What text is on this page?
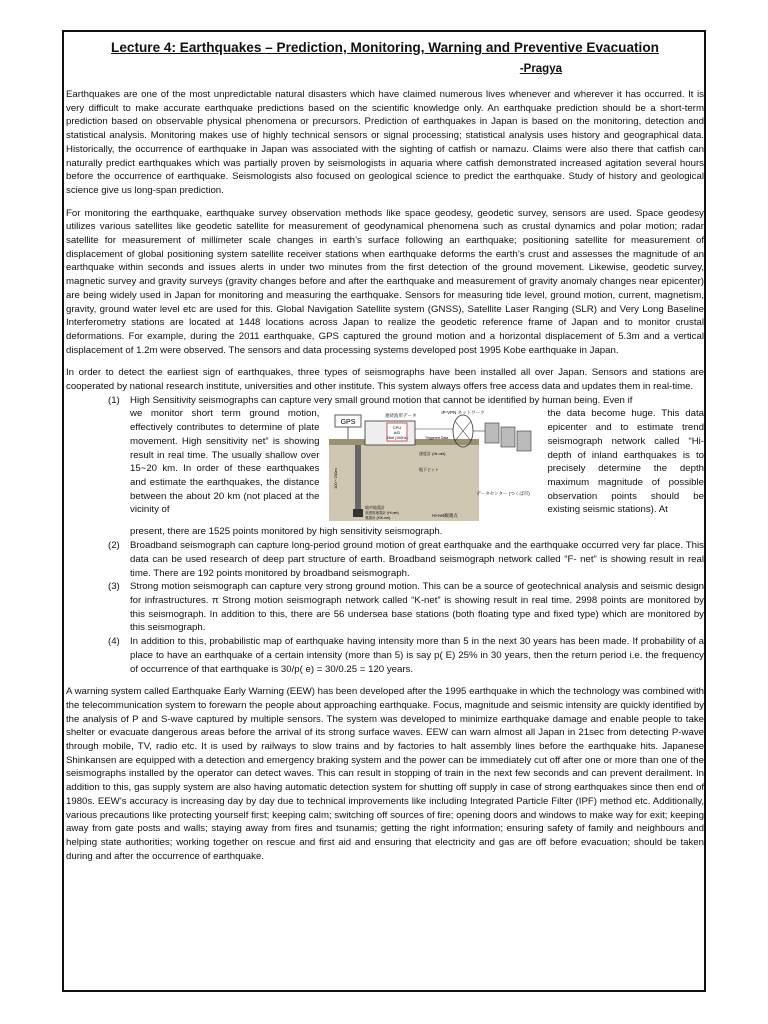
Lecture 4: Earthquakes – Prediction, Monitoring, Warning and Preventive Evacuation
-Pragya

Earthquakes are one of the most unpredictable natural disasters which have claimed numerous lives whenever and wherever it has occurred. It is very difficult to make accurate earthquake predictions based on the scientific knowledge only. An earthquake prediction should be a short-term prediction based on observable physical phenomena or precursors. Prediction of earthquakes in Japan is based on the monitoring, detection and statistical analysis. Monitoring makes use of highly technical sensors or signal processing; statistical analysis uses history and geographical data. Historically, the occurrence of earthquake in Japan was associated with the sighting of catfish or namazu. Claims were also there that catfish can naturally predict earthquakes which was partially proven by seismologists in aquaria where catfish demonstrated increased agitation several hours before the occurrence of earthquake. Seismologists also focused on geological science to predict the earthquake. Study of history and geological science give us long-span prediction.

For monitoring the earthquake, earthquake survey observation methods like space geodesy, geodetic survey, sensors are used. Space geodesy utilizes various satellites like geodetic satellite for measurement of geodynamical phenomena such as crustal dynamics and polar motion; radar satellite for measurement of millimeter scale changes in earth’s surface following an earthquake; positioning satellite for measurement of displacement of global positioning system satellite receiver stations when earthquake deforms the earth’s crust and assesses the magnitude of an earthquake within seconds and issues alerts in under two minutes from the first detection of the ground movement. Likewise, geodetic survey, magnetic survey and gravity surveys (gravity changes before and after the earthquake and measurement of gravity anomaly changes near epicenter) are being widely used in Japan for monitoring and measuring the earthquake. Sensors for measuring tide level, ground motion, current, magnetism, gravity, ground water level etc are used for this. Global Navigation Satellite system (GNSS), Satellite Laser Ranging (SLR) and Very Long Baseline Interferometry stations are located at 1448 locations across Japan to realize the geodetic reference frame of Japan and to monitor crustal deformations. For example, during the 2011 earthquake, GPS captured the ground motion and a horizontal displacement of 5.3m and a vertical displacement of 1.2m were observed. The sensors and data processing systems developed post 1995 Kobe earthquake in Japan.

In order to detect the earliest sign of earthquakes, three types of seismographs have been installed all over Japan. Sensors and stations are cooperated by national research institute, universities and other institute. This system always offers free access data and updates them in real-time.

(1) High Sensitivity seismographs can capture very small ground motion that cannot be identified by human being. Even if
we monitor short term ground motion, effectively contributes to determine of plate movement. High sensitivity net” is showing result in real time. The usually shallow over 15~20 km. In order of these earthquakes and estimate the earthquakes, the distance between the about 20 km (not placed at the vicinity of
GPS
CPU
A/D
24bit (100Hz)
連続波形データ
100〜200m
地中地震計
高感度地震計 (Hi-net)
強震計 (KiK-net)
速度計 (Hi-net)
地下ピット
IP-VPN ネットワーク
Triggered Data
データセンター (つくば市)
Hi-net観測点
the data become huge. This data epicenter and to estimate trend seismograph network called “Hi-depth of inland earthquakes is to precisely determine the depth maximum magnitude of possible observation points should be existing seismic stations). At
present, there are 1525 points monitored by high sensitivity seismograph.
(2) Broadband seismograph can capture long-period ground motion of great earthquake and the earthquake occurred very far place. This data can be used research of deep part structure of earth. Broadband seismograph network called “F- net” is showing result in real time. There are 192 points monitored by broadband seismograph.
(3) Strong motion seismograph can capture very strong ground motion. This can be a source of geotechnical analysis and seismic design for infrastructures. π Strong motion seismograph network called “K-net” is showing result in real time. 2998 points are monitored by this seismograph. In addition to this, there are 56 undersea base stations (both floating type and fixed type) which are monitored by this seismograph.
(4) In addition to this, probabilistic map of earthquake having intensity more than 5 in the next 30 years has been made. If probability of a place to have an earthquake of a certain intensity (more than 5) is say p( E) 25% in 30 years, then the return period i.e. the frequency of occurrence of that earthquake is 30/p( e) = 30/0.25 = 120 years.

A warning system called Earthquake Early Warning (EEW) has been developed after the 1995 earthquake in which the technology was combined with the telecommunication system to forewarn the people about approaching earthquake. Focus, magnitude and seismic intensity are quickly identified by the analysis of P and S-wave captured by multiple sensors. The system was developed to minimize earthquake damage and enable people to take shelter or evacuate dangerous areas before the arrival of its strong surface waves. EEW can warn almost all Japan in 21sec from detecting P-wave through mobile, TV, radio etc. It is used by railways to slow trains and by factories to halt assembly lines before the earthquake hits. Japanese Shinkansen are equipped with a detection and emergency braking system and the power can be immediately cut off after one or more than one of the seismographs installed by the operator can detect waves. This can result in stopping of train in the next few seconds and can prevent derailment. In addition to this, gas supply system are also having automatic detection system for shutting off supply in case of strong earthquakes since then end of 1980s. EEW’s accuracy is increasing day by day due to technical improvements like including Integrated Particle Filter (IPF) method etc. Additionally, various precautions like protecting yourself first; keeping calm; switching off sources of fire; opening doors and windows to make way for exit; keeping away from gate posts and walls; staying away from fires and tsunamis; getting the right information; ensuring safety of family and neighbours and helping state authorities; working together on rescue and first aid and ensuring that electricity and gas are off before evacuation; should be taken during and after the occurrence of earthquake.
